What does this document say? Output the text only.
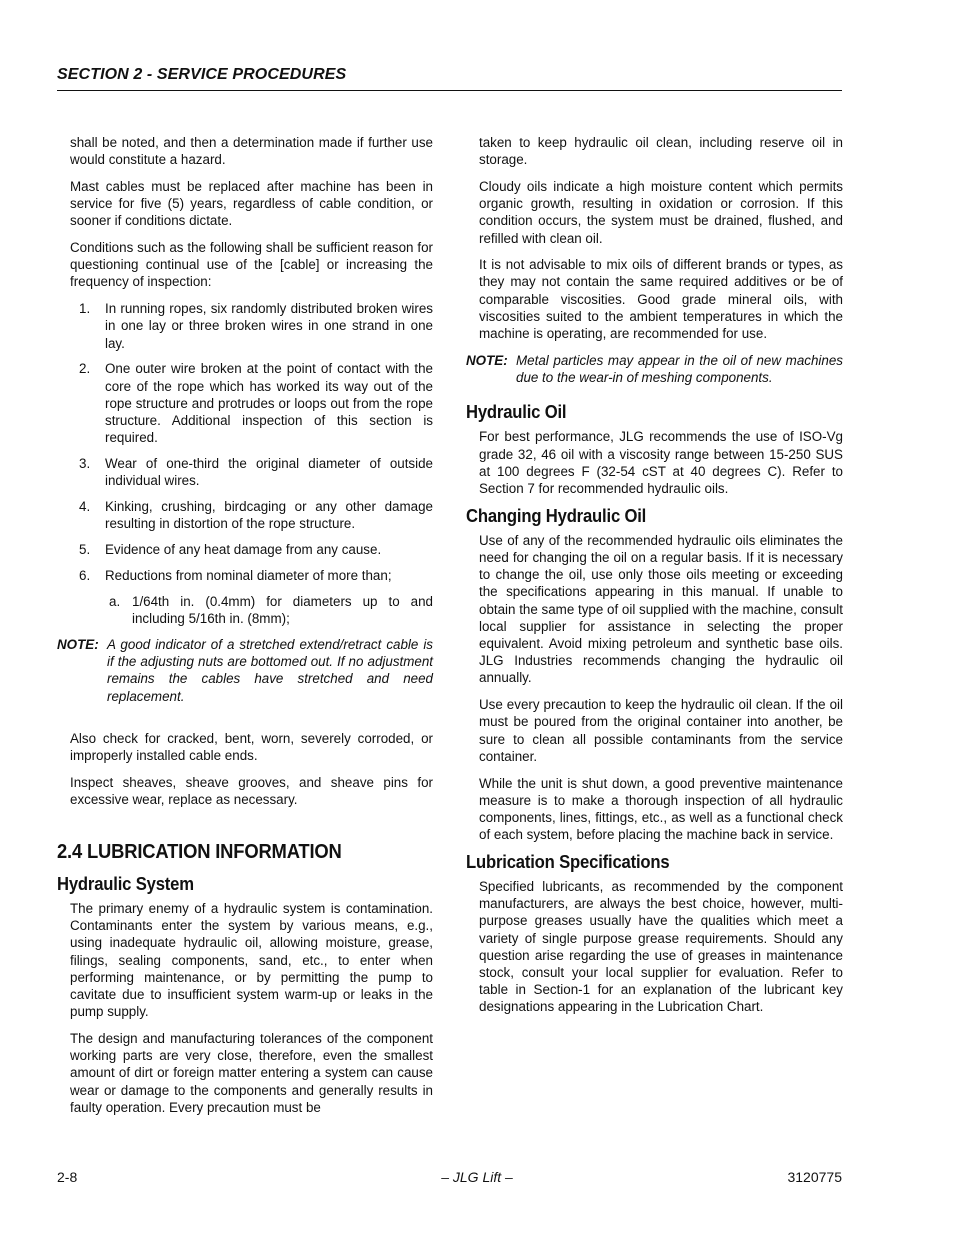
SECTION 2 - SERVICE PROCEDURES

shall be noted, and then a determination made if further use would constitute a hazard.

Mast cables must be replaced after machine has been in service for five (5) years, regardless of cable condition, or sooner if conditions dictate.

Conditions such as the following shall be sufficient reason for questioning continual use of the [cable] or increasing the frequency of inspection:

1.	In running ropes, six randomly distributed broken wires in one lay or three broken wires in one strand in one lay.
2.	One outer wire broken at the point of contact with the core of the rope which has worked its way out of the rope structure and protrudes or loops out from the rope structure. Additional inspection of this section is required.
3.	Wear of one-third the original diameter of outside individual wires.
4.	Kinking, crushing, birdcaging or any other damage resulting in distortion of the rope structure.
5.	Evidence of any heat damage from any cause.
6.	Reductions from nominal diameter of more than;
a. 1/64th in. (0.4mm) for diameters up to and including 5/16th in. (8mm);
NOTE: A good indicator of a stretched extend/retract cable is if the adjusting nuts are bottomed out. If no adjustment remains the cables have stretched and need replacement.

Also check for cracked, bent, worn, severely corroded, or improperly installed cable ends.

Inspect sheaves, sheave grooves, and sheave pins for excessive wear, replace as necessary.

2.4 LUBRICATION INFORMATION
Hydraulic System

The primary enemy of a hydraulic system is contamination. Contaminants enter the system by various means, e.g., using inadequate hydraulic oil, allowing moisture, grease, filings, sealing components, sand, etc., to enter when performing maintenance, or by permitting the pump to cavitate due to insufficient system warm-up or leaks in the pump supply.

The design and manufacturing tolerances of the component working parts are very close, therefore, even the smallest amount of dirt or foreign matter entering a system can cause wear or damage to the components and generally results in faulty operation. Every precaution must be

taken to keep hydraulic oil clean, including reserve oil in storage.

Cloudy oils indicate a high moisture content which permits organic growth, resulting in oxidation or corrosion. If this condition occurs, the system must be drained, flushed, and refilled with clean oil.

It is not advisable to mix oils of different brands or types, as they may not contain the same required additives or be of comparable viscosities. Good grade mineral oils, with viscosities suited to the ambient temperatures in which the machine is operating, are recommended for use.

NOTE: Metal particles may appear in the oil of new machines due to the wear-in of meshing components.
Hydraulic Oil

For best performance, JLG recommends the use of ISO-Vg grade 32, 46 oil with a viscosity range between 15-250 SUS at 100 degrees F (32-54 cST at 40 degrees C). Refer to Section 7 for recommended hydraulic oils.

Changing Hydraulic Oil

Use of any of the recommended hydraulic oils eliminates the need for changing the oil on a regular basis. If it is necessary to change the oil, use only those oils meeting or exceeding the specifications appearing in this manual. If unable to obtain the same type of oil supplied with the machine, consult local supplier for assistance in selecting the proper equivalent. Avoid mixing petroleum and synthetic base oils. JLG Industries recommends changing the hydraulic oil annually.

Use every precaution to keep the hydraulic oil clean. If the oil must be poured from the original container into another, be sure to clean all possible contaminants from the service container.

While the unit is shut down, a good preventive maintenance measure is to make a thorough inspection of all hydraulic components, lines, fittings, etc., as well as a functional check of each system, before placing the machine back in service.

Lubrication Specifications

Specified lubricants, as recommended by the component manufacturers, are always the best choice, however, multi-purpose greases usually have the qualities which meet a variety of single purpose grease requirements. Should any question arise regarding the use of greases in maintenance stock, consult your local supplier for evaluation. Refer to table in Section-1 for an explanation of the lubricant key designations appearing in the Lubrication Chart.

– JLG Lift –
2-8	3120775
